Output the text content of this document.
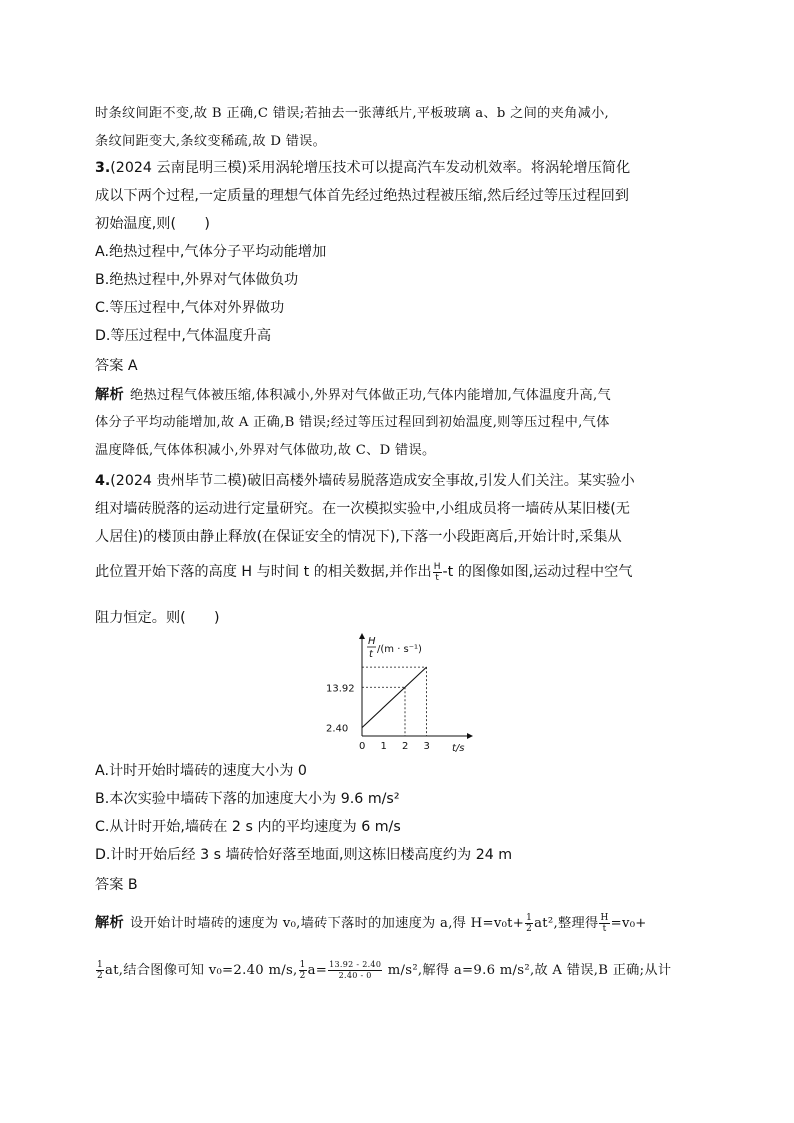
时条纹间距不变,故 B 正确,C 错误;若抽去一张薄纸片,平板玻璃 a、b 之间的夹角减小,
条纹间距变大,条纹变稀疏,故 D 错误。
3.(2024 云南昆明三模)采用涡轮增压技术可以提高汽车发动机效率。将涡轮增压简化
成以下两个过程,一定质量的理想气体首先经过绝热过程被压缩,然后经过等压过程回到
初始温度,则(　　)
A.绝热过程中,气体分子平均动能增加
B.绝热过程中,外界对气体做负功
C.等压过程中,气体对外界做功
D.等压过程中,气体温度升高
答案 A
解析 绝热过程气体被压缩,体积减小,外界对气体做正功,气体内能增加,气体温度升高,气
体分子平均动能增加,故 A 正确,B 错误;经过等压过程回到初始温度,则等压过程中,气体
温度降低,气体体积减小,外界对气体做功,故 C、D 错误。
4.(2024 贵州毕节二模)破旧高楼外墙砖易脱落造成安全事故,引发人们关注。某实验小
组对墙砖脱落的运动进行定量研究。在一次模拟实验中,小组成员将一墙砖从某旧楼(无
人居住)的楼顶由静止释放(在保证安全的情况下),下落一小段距离后,开始计时,采集从
此位置开始下落的高度 H 与时间 t 的相关数据,并作出 $\frac{H}{t} -t$ 的图像如图,运动过程中空气
阻力恒定。则(　　)
H
t /(m · s⁻¹)
t/s
0 1 2 3
2.40
13.92
A.计时开始时墙砖的速度大小为 0
B.本次实验中墙砖下落的加速度大小为 9.6 m/s²
C.从计时开始,墙砖在 2 s 内的平均速度为 6 m/s
D.计时开始后经 3 s 墙砖恰好落至地面,则这栋旧楼高度约为 24 m
答案 B
解析 设开始计时墙砖的速度为 v₀,墙砖下落时的加速度为 a,得 $H=v_0t+ \frac{1}{2} at^2$,整理得 $\frac{H}{t} =v_0+$
$\frac{1}{2}$ at,结合图像可知 v₀=2.40 m/s, $\frac{1}{2} a= \frac{13.92 - 2.40}{2.40 - 0} m/s^2$,解得 a=9.6 m/s²,故 A 错误,B 正确;从计
